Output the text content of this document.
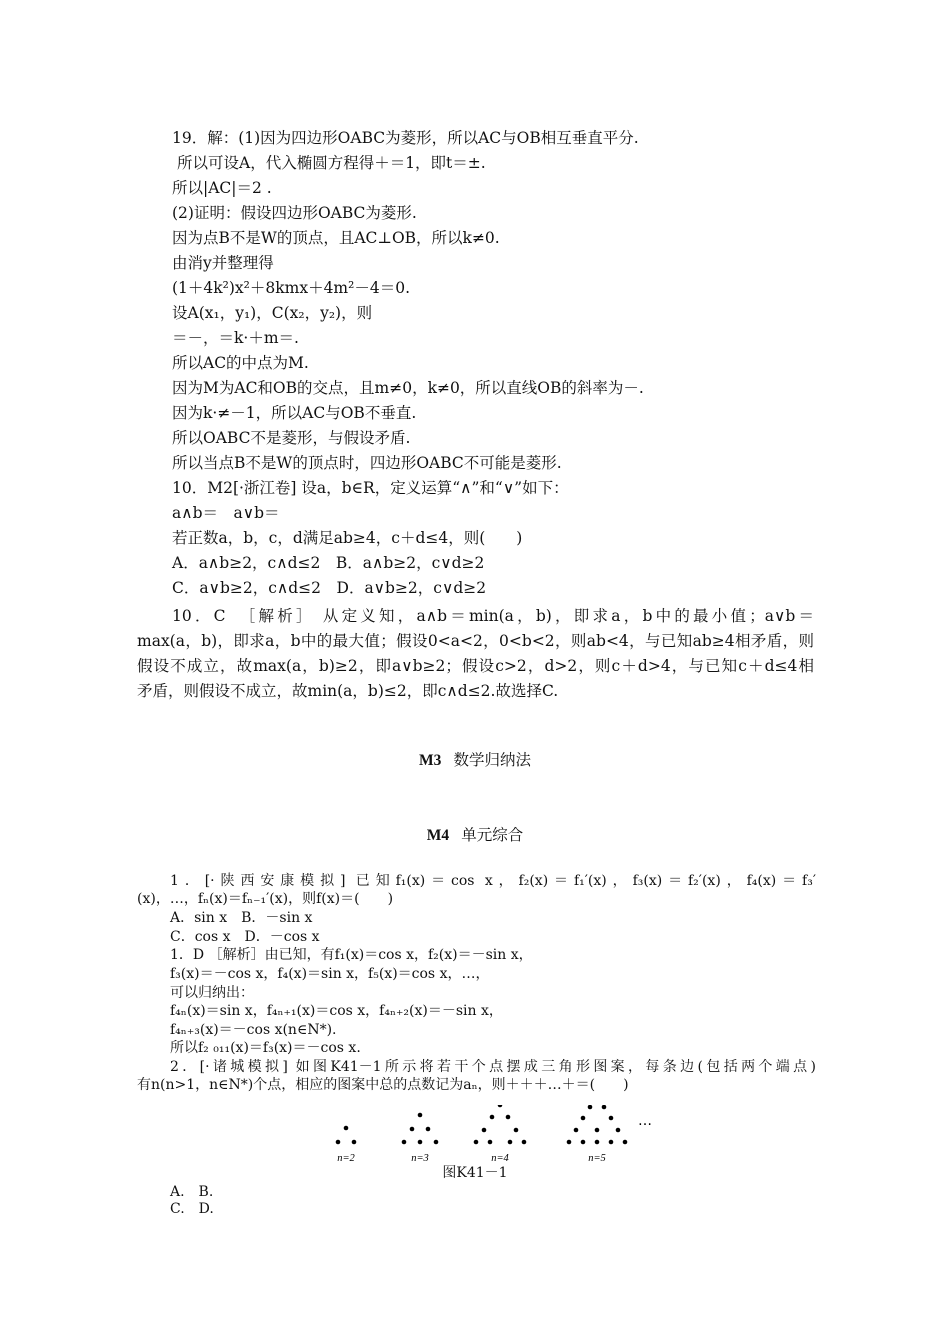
19．解：(1)因为四边形OABC为菱形，所以AC与OB相互垂直平分.
所以可设A，代入椭圆方程得＋＝1，即t＝±.
所以|AC|＝2 .
(2)证明：假设四边形OABC为菱形.
因为点B不是W的顶点，且AC⊥OB，所以k≠0.
由消y并整理得
(1＋4k²)x²＋8kmx＋4m²－4＝0.
设A(x₁，y₁)，C(x₂，y₂)，则
＝－，＝k·＋m＝.
所以AC的中点为M.
因为M为AC和OB的交点，且m≠0，k≠0，所以直线OB的斜率为－.
因为k·≠－1，所以AC与OB不垂直.
所以OABC不是菱形，与假设矛盾.
所以当点B不是W的顶点时，四边形OABC不可能是菱形.
10．M2[·浙江卷] 设a，b∈R，定义运算“∧”和“∨”如下：
a∧b＝　a∨b＝
若正数a，b，c，d满足ab≥4，c＋d≤4，则(　　)
A．a∧b≥2，c∧d≤2　B．a∧b≥2，c∨d≥2
C．a∨b≥2，c∧d≤2　D．a∨b≥2，c∨d≥2
10．C　［解析］ 从定义知，a∧b＝min(a，b)，即求a，b中的最小值；a∨b＝
max(a，b)，即求a，b中的最大值；假设0<a<2，0<b<2，则ab<4，与已知ab≥4相矛盾，则
假设不成立，故max(a，b)≥2，即a∨b≥2；假设c>2，d>2，则c＋d>4，与已知c＋d≤4相
矛盾，则假设不成立，故min(a，b)≤2，即c∧d≤2.故选择C.
M3 数学归纳法
M4 单元综合
1．[·陕西安康模拟] 已知f₁(x)＝cos x，f₂(x)＝f₁′(x)，f₃(x)＝f₂′(x)，f₄(x)＝f₃′
(x)，…，fₙ(x)＝fₙ₋₁′(x)，则f(x)＝(　　)
A．sin x　B．－sin x
C．cos x　D．－cos x
1．D ［解析］由已知，有f₁(x)＝cos x，f₂(x)＝－sin x，
f₃(x)＝－cos x，f₄(x)＝sin x，f₅(x)＝cos x，…，
可以归纳出：
f₄ₙ(x)＝sin x，f₄ₙ₊₁(x)＝cos x，f₄ₙ₊₂(x)＝－sin x，
f₄ₙ₊₃(x)＝－cos x(n∈N*).
所以f₂ ₀₁₁(x)＝f₃(x)＝－cos x.
2．[·诸城模拟] 如图K41－1所示将若干个点摆成三角形图案，每条边(包括两个端点)
有n(n>1，n∈N*)个点，相应的图案中总的点数记为aₙ，则＋＋＋…＋＝(　　)
…
n=2	n=3	n=4	n=5
图K41－1
A.　B.
C.　D.
